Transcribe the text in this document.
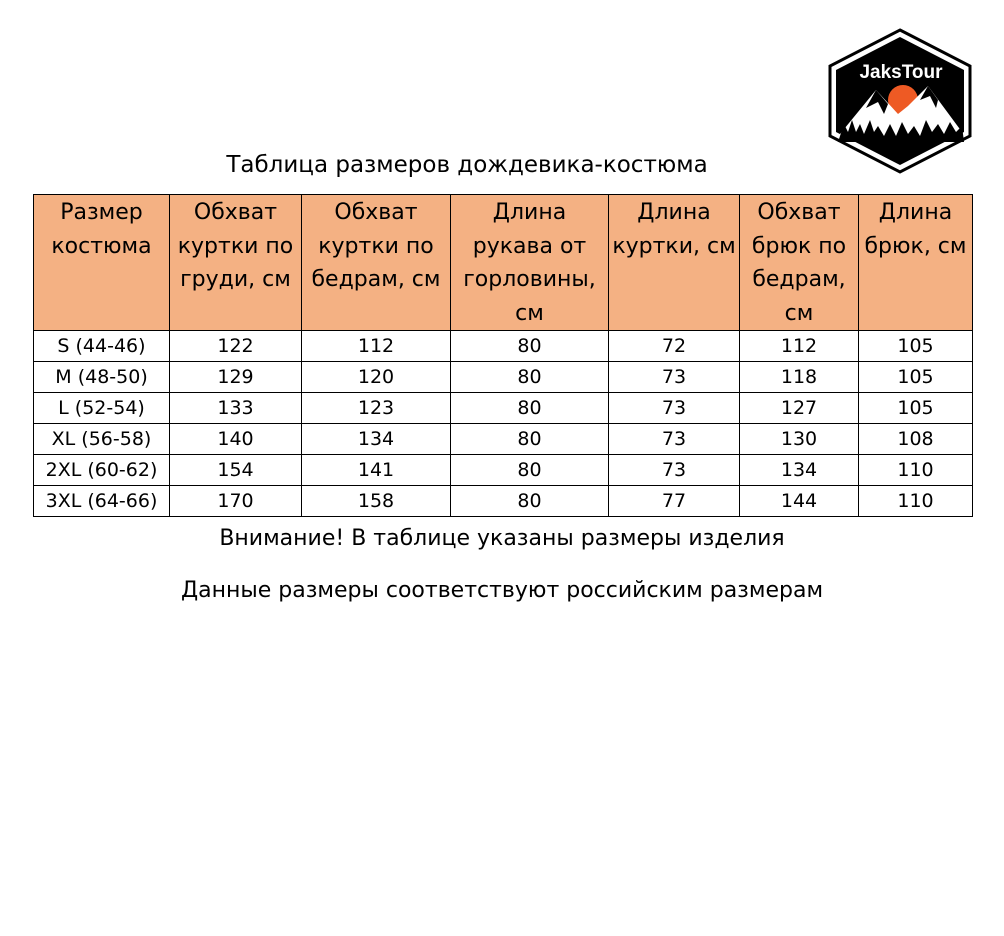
JaksTour
Таблица размеров дождевика-костюма
Размер костюма	Обхват куртки по груди, см	Обхват куртки по бедрам, см	Длина рукава от горловины, см	Длина куртки, см	Обхват брюк по бедрам, см	Длина брюк, см
S (44-46)	122	112	80	72	112	105
M (48-50)	129	120	80	73	118	105
L (52-54)	133	123	80	73	127	105
XL (56-58)	140	134	80	73	130	108
2XL (60-62)	154	141	80	73	134	110
3XL (64-66)	170	158	80	77	144	110

Внимание! В таблице указаны размеры изделия

Данные размеры соответствуют российским размерам
